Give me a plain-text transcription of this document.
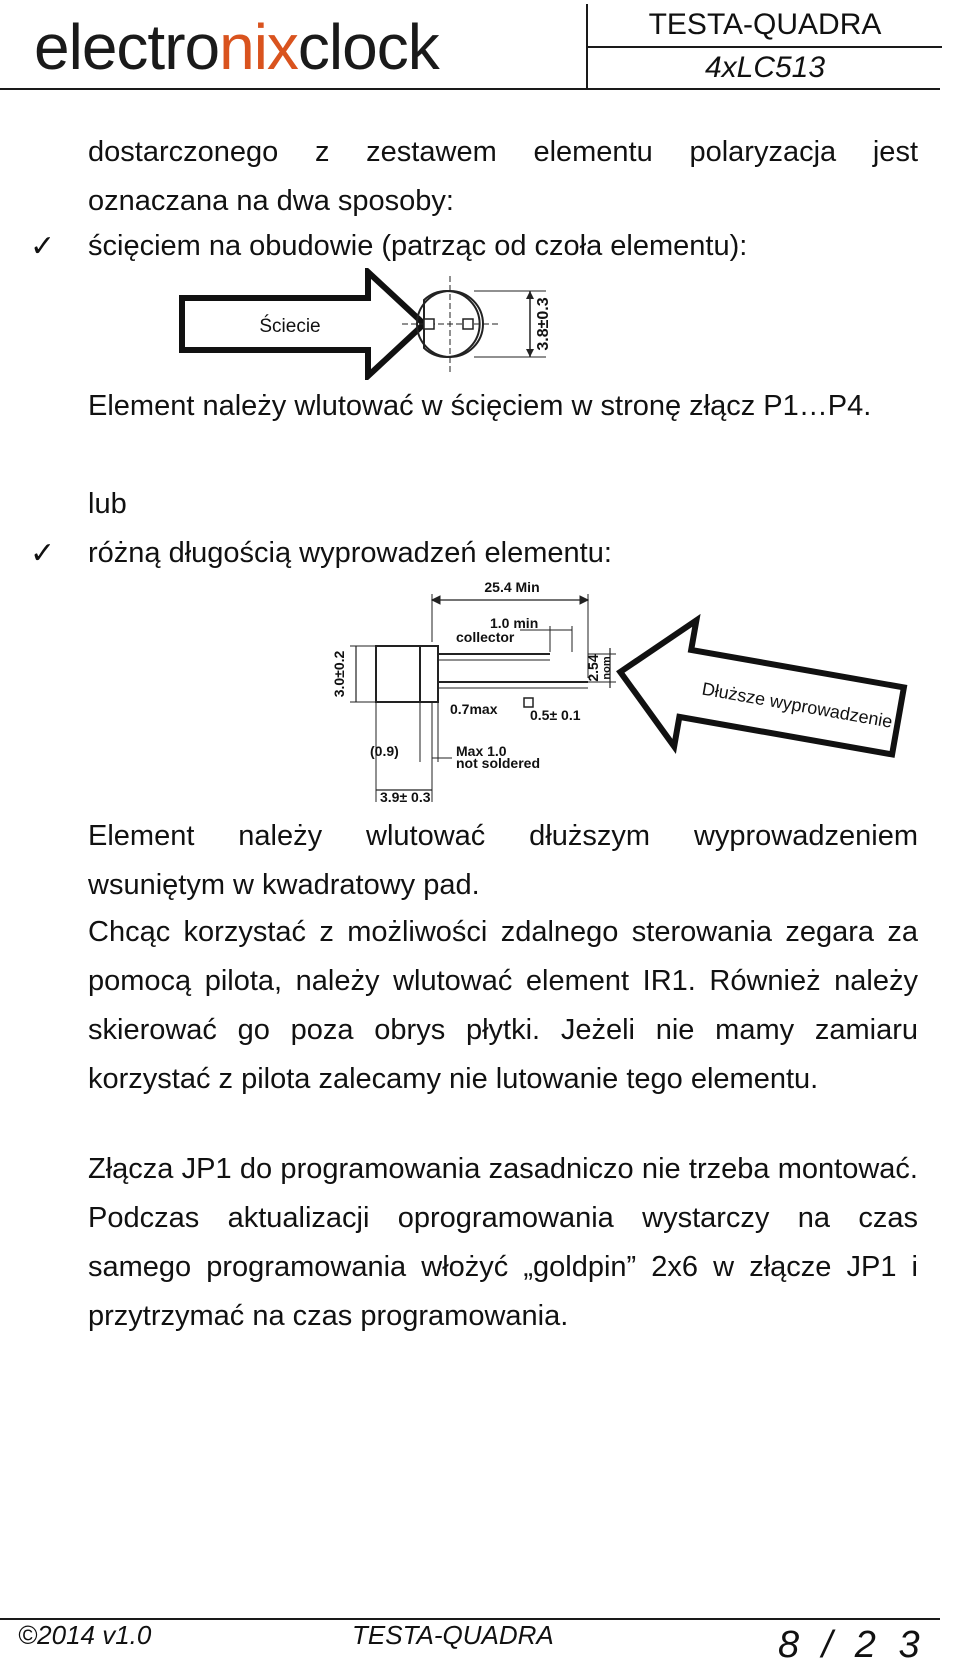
electronixclock	TESTA-QUADRA
4xLC513
dostarczonego z zestawem elementu polaryzacja jest oznaczana na dwa sposoby:
✓ ścięciem na obudowie (patrząc od czoła elementu):
Ściecie	3.8±0.3
Element należy wlutować w ścięciem w stronę złącz P1…P4.
lub
✓ różną długością wyprowadzeń elementu:
25.4 Min
1.0 min
collector
3.0±0.2	2.54 nom
0.7max 0.5± 0.1
(0.9)	Max 1.0
not soldered
3.9± 0.3
Dłuższe wyprowadzenie
Element należy wlutować dłuższym wyprowadzeniem wsuniętym w kwadratowy pad.
Chcąc korzystać z możliwości zdalnego sterowania zegara za pomocą pilota, należy wlutować element IR1. Również należy skierować go poza obrys płytki. Jeżeli nie mamy zamiaru korzystać z pilota zalecamy nie lutowanie tego elementu.
Złącza JP1 do programowania zasadniczo nie trzeba montować. Podczas aktualizacji oprogramowania wystarczy na czas samego programowania włożyć „goldpin” 2x6 w złącze JP1 i przytrzymać na czas programowania.
©2014 v1.0	TESTA-QUADRA	8 / 2 3
